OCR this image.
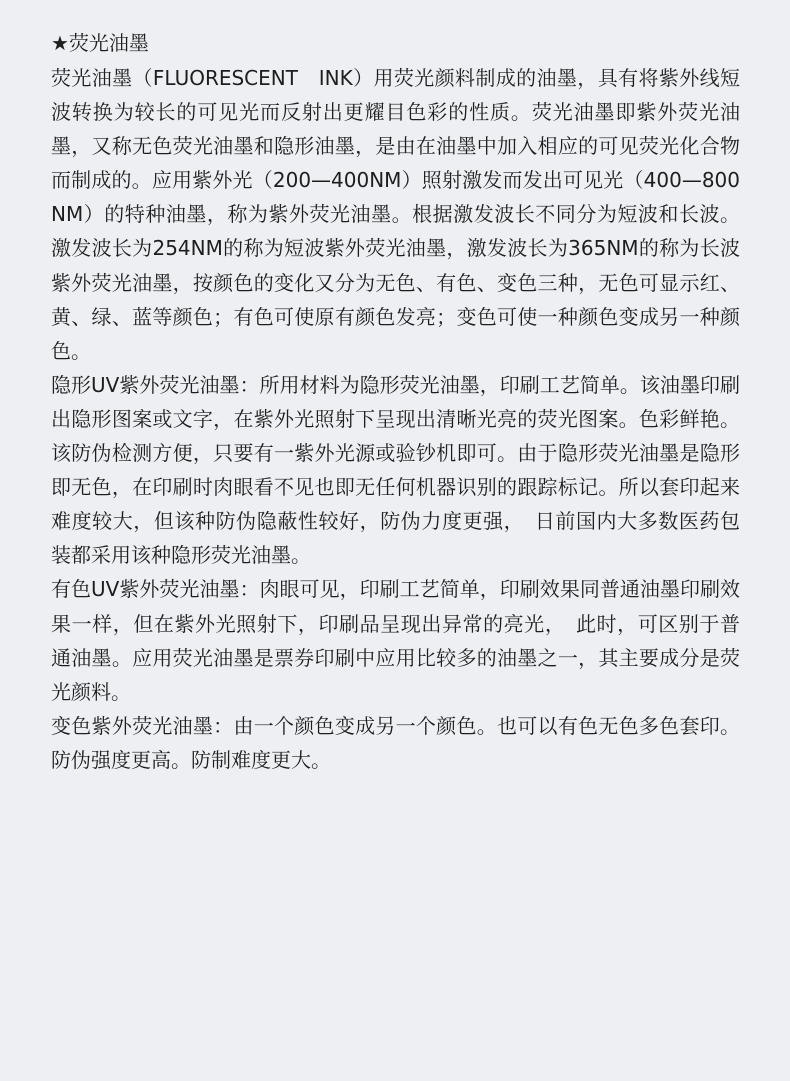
★荧光油墨

荧光油墨（FLUORESCENT　INK）用荧光颜料制成的油墨，具有将紫外线短波转换为较长的可见光而反射出更耀目色彩的性质。荧光油墨即紫外荧光油墨，又称无色荧光油墨和隐形油墨，是由在油墨中加入相应的可见荧光化合物而制成的。应用紫外光（200—400NM）照射激发而发出可见光（400—800NM）的特种油墨，称为紫外荧光油墨。根据激发波长不同分为短波和长波。激发波长为254NM的称为短波紫外荧光油墨，激发波长为365NM的称为长波紫外荧光油墨，按颜色的变化又分为无色、有色、变色三种，无色可显示红、黄、绿、蓝等颜色；有色可使原有颜色发亮；变色可使一种颜色变成另一种颜色。

隐形UV紫外荧光油墨：所用材料为隐形荧光油墨，印刷工艺简单。该油墨印刷出隐形图案或文字，在紫外光照射下呈现出清晰光亮的荧光图案。色彩鲜艳。该防伪检测方便，只要有一紫外光源或验钞机即可。由于隐形荧光油墨是隐形即无色，在印刷时肉眼看不见也即无任何机器识别的跟踪标记。所以套印起来难度较大，但该种防伪隐蔽性较好，防伪力度更强，　日前国内大多数医药包装都采用该种隐形荧光油墨。

有色UV紫外荧光油墨：肉眼可见，印刷工艺简单，印刷效果同普通油墨印刷效果一样，但在紫外光照射下，印刷品呈现出异常的亮光，　此时，可区别于普通油墨。应用荧光油墨是票券印刷中应用比较多的油墨之一，其主要成分是荧光颜料。

变色紫外荧光油墨：由一个颜色变成另一个颜色。也可以有色无色多色套印。防伪强度更高。防制难度更大。
